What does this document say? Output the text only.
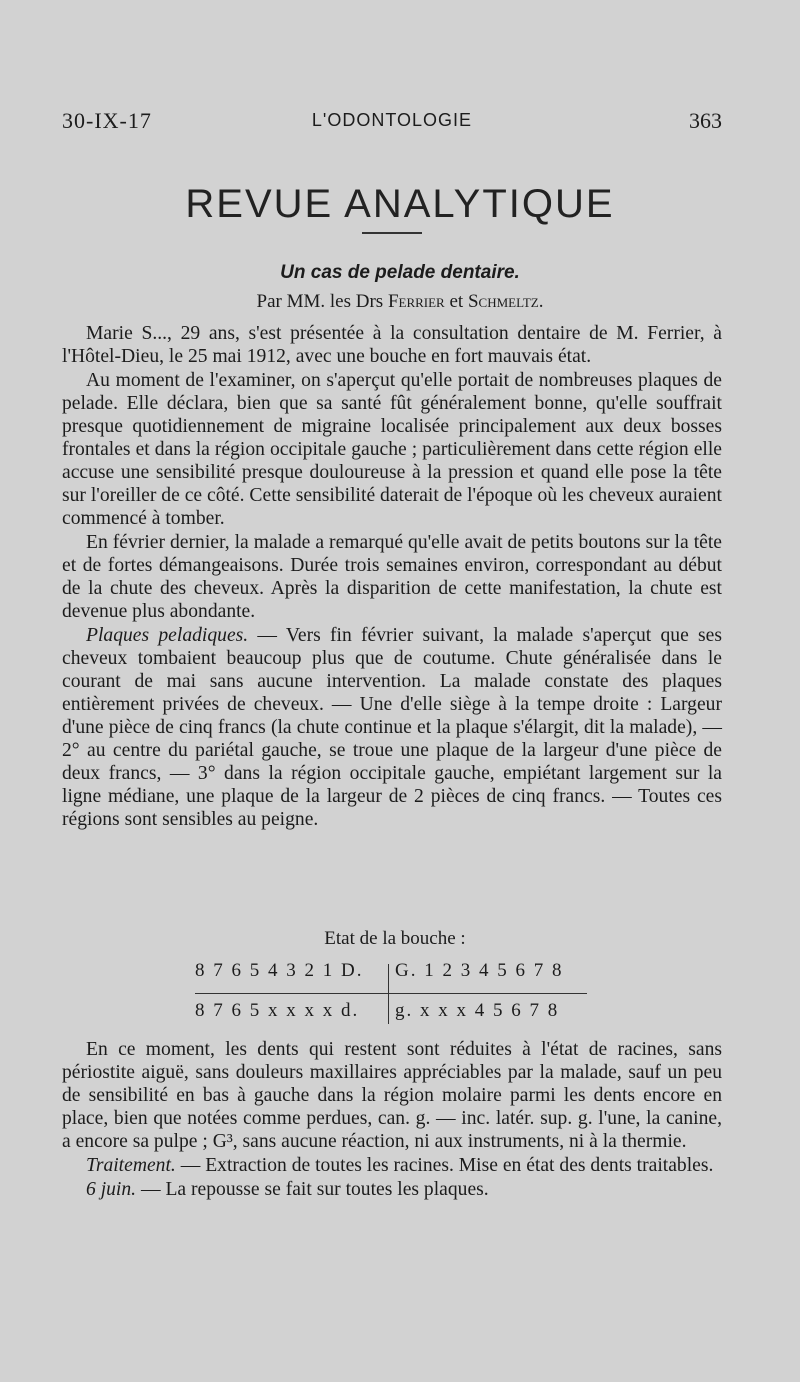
30-IX-17	L'ODONTOLOGIE	363
REVUE ANALYTIQUE
Un cas de pelade dentaire.
Par MM. les Drs Ferrier et Schmeltz.

Marie S..., 29 ans, s'est présentée à la consultation dentaire de M. Ferrier, à l'Hôtel-Dieu, le 25 mai 1912, avec une bouche en fort mauvais état.

Au moment de l'examiner, on s'aperçut qu'elle portait de nombreuses plaques de pelade. Elle déclara, bien que sa santé fût généralement bonne, qu'elle souffrait presque quotidiennement de migraine localisée principalement aux deux bosses frontales et dans la région occipitale gauche ; particulièrement dans cette région elle accuse une sensibilité presque douloureuse à la pression et quand elle pose la tête sur l'oreiller de ce côté. Cette sensibilité daterait de l'époque où les cheveux auraient commencé à tomber.

En février dernier, la malade a remarqué qu'elle avait de petits boutons sur la tête et de fortes démangeaisons. Durée trois semaines environ, correspondant au début de la chute des cheveux. Après la disparition de cette manifestation, la chute est devenue plus abondante.

Plaques peladiques. — Vers fin février suivant, la malade s'aperçut que ses cheveux tombaient beaucoup plus que de coutume. Chute généralisée dans le courant de mai sans aucune intervention. La malade constate des plaques entièrement privées de cheveux. — Une d'elle siège à la tempe droite : Largeur d'une pièce de cinq francs (la chute continue et la plaque s'élargit, dit la malade), — 2° au centre du pariétal gauche, se troue une plaque de la largeur d'une pièce de deux francs, — 3° dans la région occipitale gauche, empiétant largement sur la ligne médiane, une plaque de la largeur de 2 pièces de cinq francs. — Toutes ces régions sont sensibles au peigne.

Etat de la bouche :
8 7 6 5 4 3 2 1 D.	G. 1 2 3 4 5 6 7 8
8 7 6 5 x x x x d.	g. x x x 4 5 6 7 8

En ce moment, les dents qui restent sont réduites à l'état de racines, sans périostite aiguë, sans douleurs maxillaires appréciables par la malade, sauf un peu de sensibilité en bas à gauche dans la région molaire parmi les dents encore en place, bien que notées comme perdues, can. g. — inc. latér. sup. g. l'une, la canine, a encore sa pulpe ; G³, sans aucune réaction, ni aux instruments, ni à la thermie.

Traitement. — Extraction de toutes les racines. Mise en état des dents traitables.

6 juin. — La repousse se fait sur toutes les plaques.
